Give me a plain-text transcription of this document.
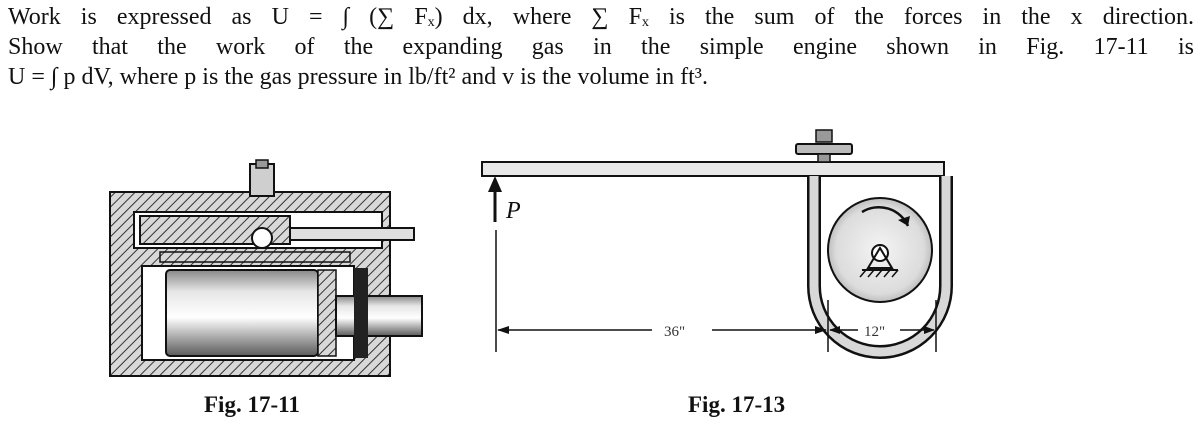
Work is expressed as U = ∫ (∑ Fₓ) dx, where ∑ Fₓ is the sum of the forces in the x direction.
Show that the work of the expanding gas in the simple engine shown in Fig. 17-11 is
U = ∫ p dV, where p is the gas pressure in lb/ft² and v is the volume in ft³.
P
36"	12"
Fig. 17-11	Fig. 17-13
